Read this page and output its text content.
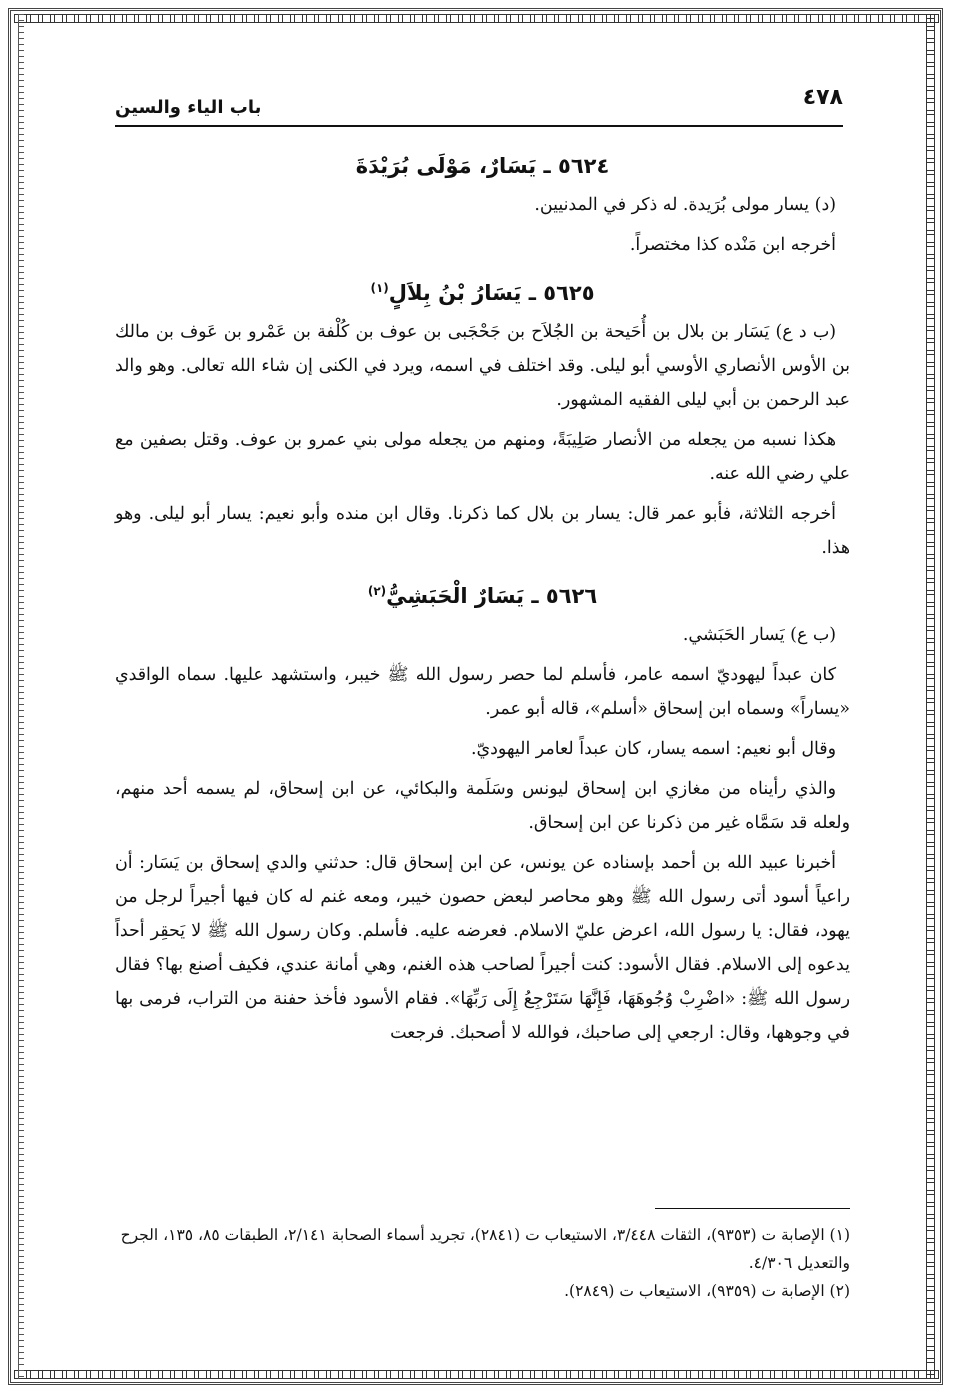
٤٧٨
باب الياء والسين
٥٦٢٤ ـ يَسَارٌ، مَوْلَى بُرَيْدَةَ

(د) يسار مولى بُرَيدة. له ذكر في المدنيين.

أخرجه ابن مَنْده كذا مختصراً.

٥٦٢٥ ـ يَسَارُ بْنُ بِلاَلٍ$^{(١)}$

(ب د ع) يَسَار بن بلال بن أُحَيحة بن الجُلاَح بن جَحْجَبى بن عوف بن كُلْفة بن عَمْرو بن عَوف بن مالك بن الأوس الأنصاري الأوسي أبو ليلى. وقد اختلف في اسمه، ويرد في الكنى إن شاء الله تعالى. وهو والد عبد الرحمن بن أبي ليلى الفقيه المشهور.

هكذا نسبه من يجعله من الأنصار صَلِيبَةً، ومنهم من يجعله مولى بني عمرو بن عوف. وقتل بصفين مع علي رضي الله عنه.

أخرجه الثلاثة، فأبو عمر قال: يسار بن بلال كما ذكرنا. وقال ابن منده وأبو نعيم: يسار أبو ليلى. وهو هذا.

٥٦٢٦ ـ يَسَارٌ الْحَبَشِيُّ$^{(٢)}$

(ب ع) يَسار الحَبَشي.

كان عبداً ليهوديّ اسمه عامر، فأسلم لما حصر رسول الله ﷺ خيبر، واستشهد عليها. سماه الواقدي «يساراً» وسماه ابن إسحاق «أسلم»، قاله أبو عمر.

وقال أبو نعيم: اسمه يسار، كان عبداً لعامر اليهوديّ.

والذي رأيناه من مغازي ابن إسحاق ليونس وسَلَمة والبكائي، عن ابن إسحاق، لم يسمه أحد منهم، ولعله قد سَمَّاه غير من ذكرنا عن ابن إسحاق.

أخبرنا عبيد الله بن أحمد بإسناده عن يونس، عن ابن إسحاق قال: حدثني والدي إسحاق بن يَسَار: أن راعياً أسود أتى رسول الله ﷺ وهو محاصر لبعض حصون خيبر، ومعه غنم له كان فيها أجيراً لرجل من يهود، فقال: يا رسول الله، اعرض عليّ الاسلام. فعرضه عليه. فأسلم. وكان رسول الله ﷺ لا يَحقِر أحداً يدعوه إلى الاسلام. فقال الأسود: كنت أجيراً لصاحب هذه الغنم، وهي أمانة عندي، فكيف أصنع بها؟ فقال رسول الله ﷺ: «اضْرِبْ وُجُوهَهَا، فَإِنَّهَا سَتَرْجِعُ إِلَى رَبِّهَا». فقام الأسود فأخذ حفنة من التراب، فرمى بها في وجوهها، وقال: ارجعي إلى صاحبك، فوالله لا أصحبك. فرجعت

(١) الإصابة ت (٩٣٥٣)، الثقات ٣/٤٤٨، الاستيعاب ت (٢٨٤١)، تجريد أسماء الصحابة ٢/١٤١، الطبقات ٨٥، ١٣٥، الجرح والتعديل ٤/٣٠٦.

(٢) الإصابة ت (٩٣٥٩)، الاستيعاب ت (٢٨٤٩).
